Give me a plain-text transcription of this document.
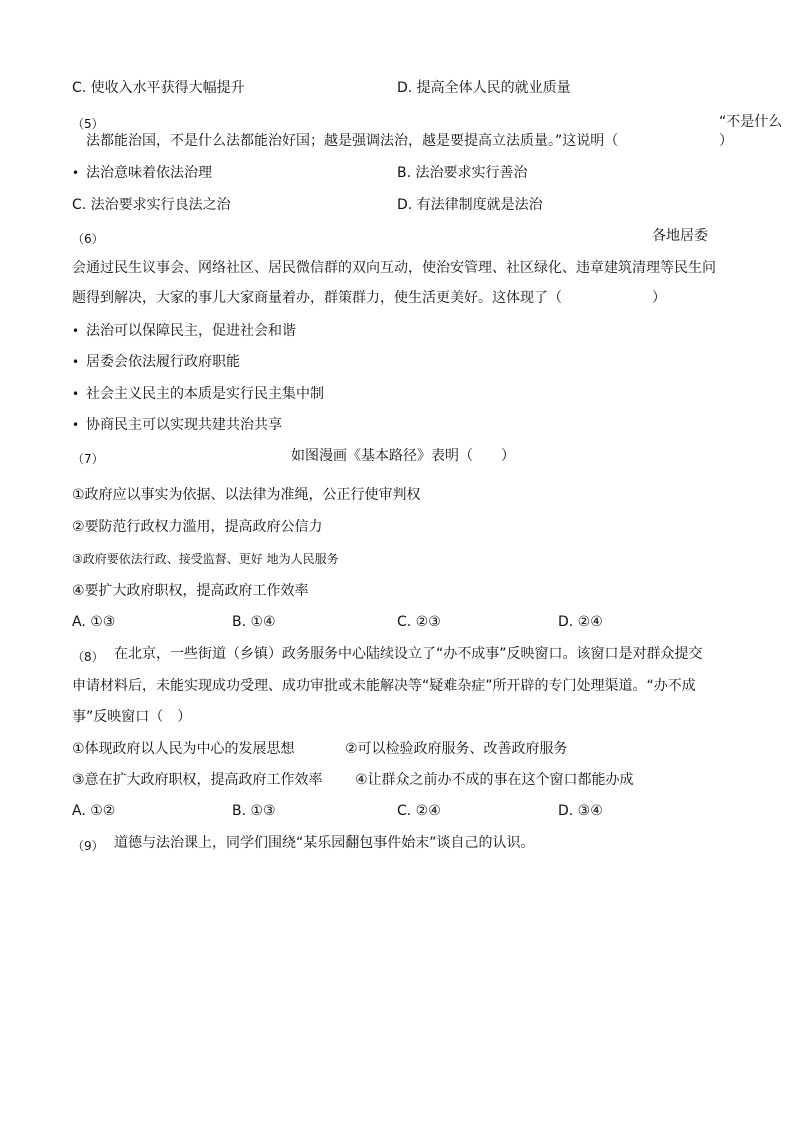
C. 使收入水平获得大幅提升	D. 提高全体人民的就业质量
（5）	“不是什么
法都能治国，不是什么法都能治好国；越是强调法治，越是要提高立法质量。”这说明（	）
• 法治意味着依法治理	B. 法治要求实行善治
C. 法治要求实行良法之治	D. 有法律制度就是法治
（6）	各地居委
会通过民生议事会、网络社区、居民微信群的双向互动，使治安管理、社区绿化、违章建筑清理等民生问
题得到解决，大家的事儿大家商量着办，群策群力，使生活更美好。这体现了（	）
• 法治可以保障民主，促进社会和谐
• 居委会依法履行政府职能
• 社会主义民主的本质是实行民主集中制
• 协商民主可以实现共建共治共享
（7）	如图漫画《基本路径》表明（　　）
①政府应以事实为依据、以法律为准绳，公正行使审判权
②要防范行政权力滥用，提高政府公信力
③政府要依法行政、接受监督、更好 地为人民服务
④要扩大政府职权，提高政府工作效率
A. ①③	B. ①④	C. ②③	D. ②④
（8） 在北京，一些街道（乡镇）政务服务中心陆续设立了“办不成事”反映窗口。该窗口是对群众提交
申请材料后，未能实现成功受理、成功审批或未能解决等“疑难杂症”所开辟的专门处理渠道。“办不成
事”反映窗口（　）
①体现政府以人民为中心的发展思想	②可以检验政府服务、改善政府服务
③意在扩大政府职权，提高政府工作效率 ④让群众之前办不成的事在这个窗口都能办成
A. ①②	B. ①③	C. ②④	D. ③④
（9） 道德与法治课上，同学们围绕“某乐园翻包事件始末”谈自己的认识。
